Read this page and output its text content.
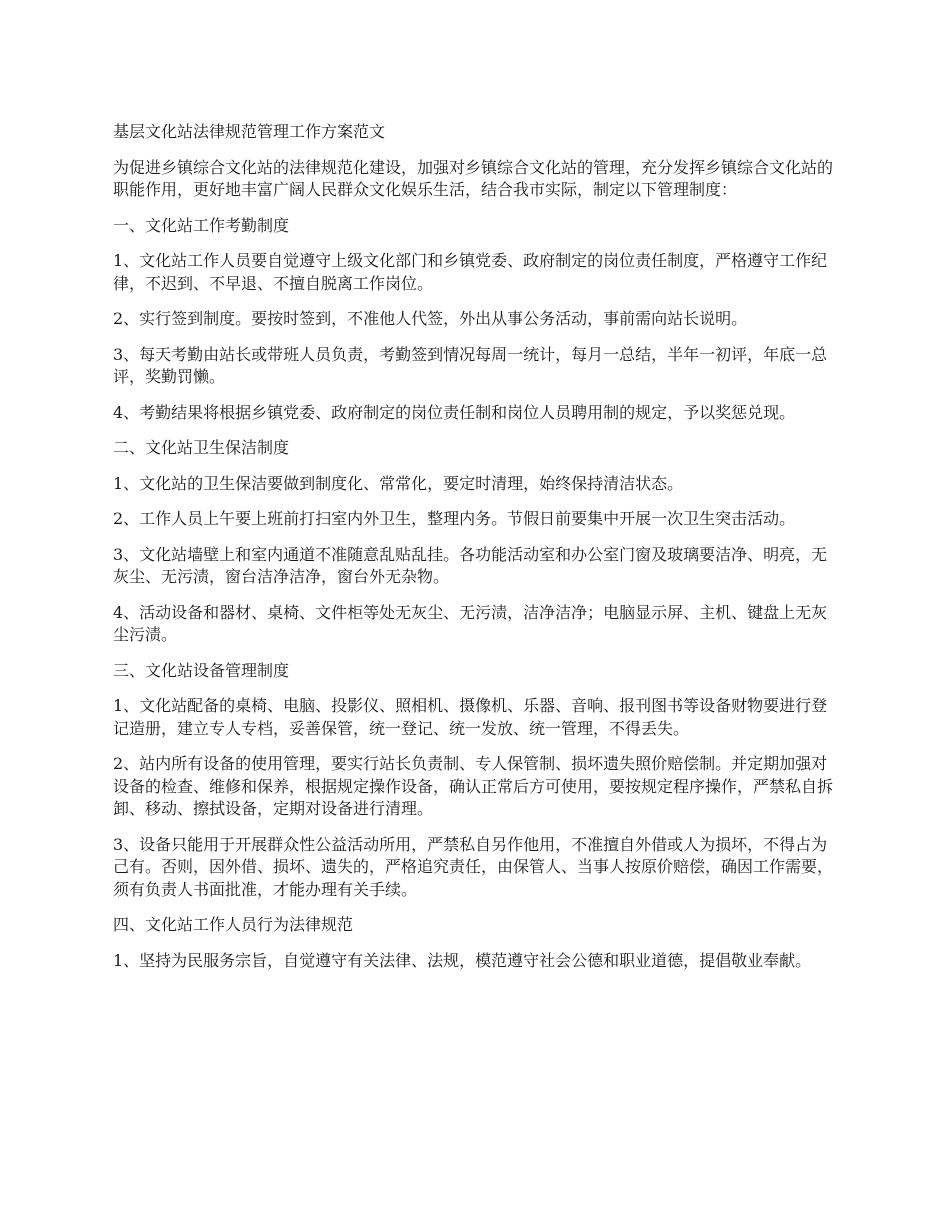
基层文化站法律规范管理工作方案范文

为促进乡镇综合文化站的法律规范化建设，加强对乡镇综合文化站的管理，充分发挥乡镇综合文化站的职能作用，更好地丰富广阔人民群众文化娱乐生活，结合我市实际，制定以下管理制度：

一、文化站工作考勤制度

1、文化站工作人员要自觉遵守上级文化部门和乡镇党委、政府制定的岗位责任制度，严格遵守工作纪律，不迟到、不早退、不擅自脱离工作岗位。

2、实行签到制度。要按时签到，不准他人代签，外出从事公务活动，事前需向站长说明。

3、每天考勤由站长或带班人员负责，考勤签到情况每周一统计，每月一总结，半年一初评，年底一总评，奖勤罚懒。

4、考勤结果将根据乡镇党委、政府制定的岗位责任制和岗位人员聘用制的规定，予以奖惩兑现。

二、文化站卫生保洁制度

1、文化站的卫生保洁要做到制度化、常常化，要定时清理，始终保持清洁状态。

2、工作人员上午要上班前打扫室内外卫生，整理内务。节假日前要集中开展一次卫生突击活动。

3、文化站墙壁上和室内通道不准随意乱贴乱挂。各功能活动室和办公室门窗及玻璃要洁净、明亮，无灰尘、无污渍，窗台洁净洁净，窗台外无杂物。

4、活动设备和器材、桌椅、文件柜等处无灰尘、无污渍，洁净洁净；电脑显示屏、主机、键盘上无灰尘污渍。

三、文化站设备管理制度

1、文化站配备的桌椅、电脑、投影仪、照相机、摄像机、乐器、音响、报刊图书等设备财物要进行登记造册，建立专人专档，妥善保管，统一登记、统一发放、统一管理，不得丢失。

2、站内所有设备的使用管理，要实行站长负责制、专人保管制、损坏遗失照价赔偿制。并定期加强对设备的检查、维修和保养，根据规定操作设备，确认正常后方可使用，要按规定程序操作，严禁私自拆卸、移动、擦拭设备，定期对设备进行清理。

3、设备只能用于开展群众性公益活动所用，严禁私自另作他用，不准擅自外借或人为损坏，不得占为己有。否则，因外借、损坏、遗失的，严格追究责任，由保管人、当事人按原价赔偿，确因工作需要，须有负责人书面批准，才能办理有关手续。

四、文化站工作人员行为法律规范

1、坚持为民服务宗旨，自觉遵守有关法律、法规，模范遵守社会公德和职业道德，提倡敬业奉献。
